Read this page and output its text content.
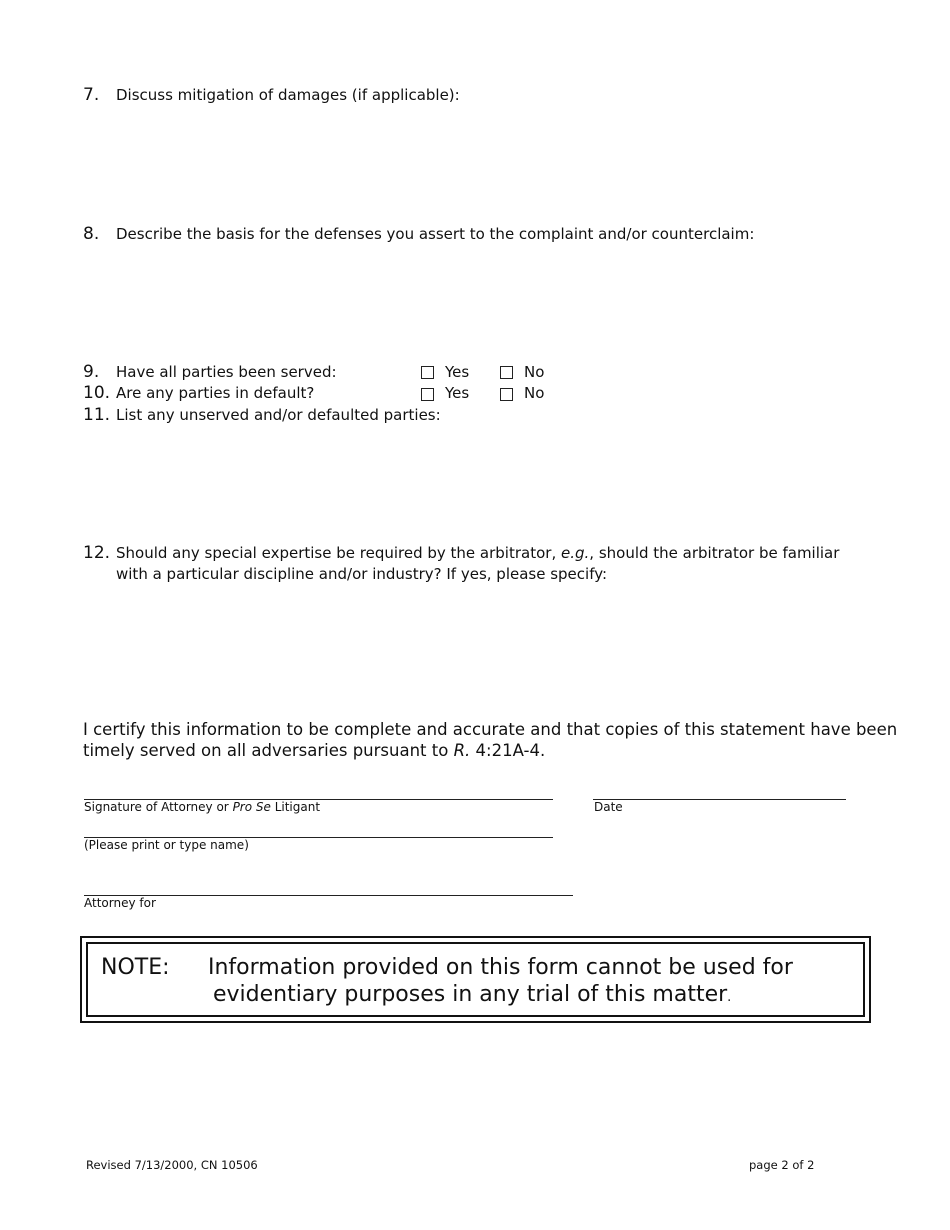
7. Discuss mitigation of damages (if applicable):
8. Describe the basis for the defenses you assert to the complaint and/or counterclaim:
9. Have all parties been served:	Yes	No
10. Are any parties in default?	Yes	No
11. List any unserved and/or defaulted parties:
12. Should any special expertise be required by the arbitrator, e.g., should the arbitrator be familiar
with a particular discipline and/or industry? If yes, please specify:
I certify this information to be complete and accurate and that copies of this statement have been
timely served on all adversaries pursuant to R. 4:21A-4.
Signature of Attorney or Pro Se Litigant	Date
(Please print or type name)
Attorney for
NOTE: Information provided on this form cannot be used for
evidentiary purposes in any trial of this matter.
Revised 7/13/2000, CN 10506	page 2 of 2
